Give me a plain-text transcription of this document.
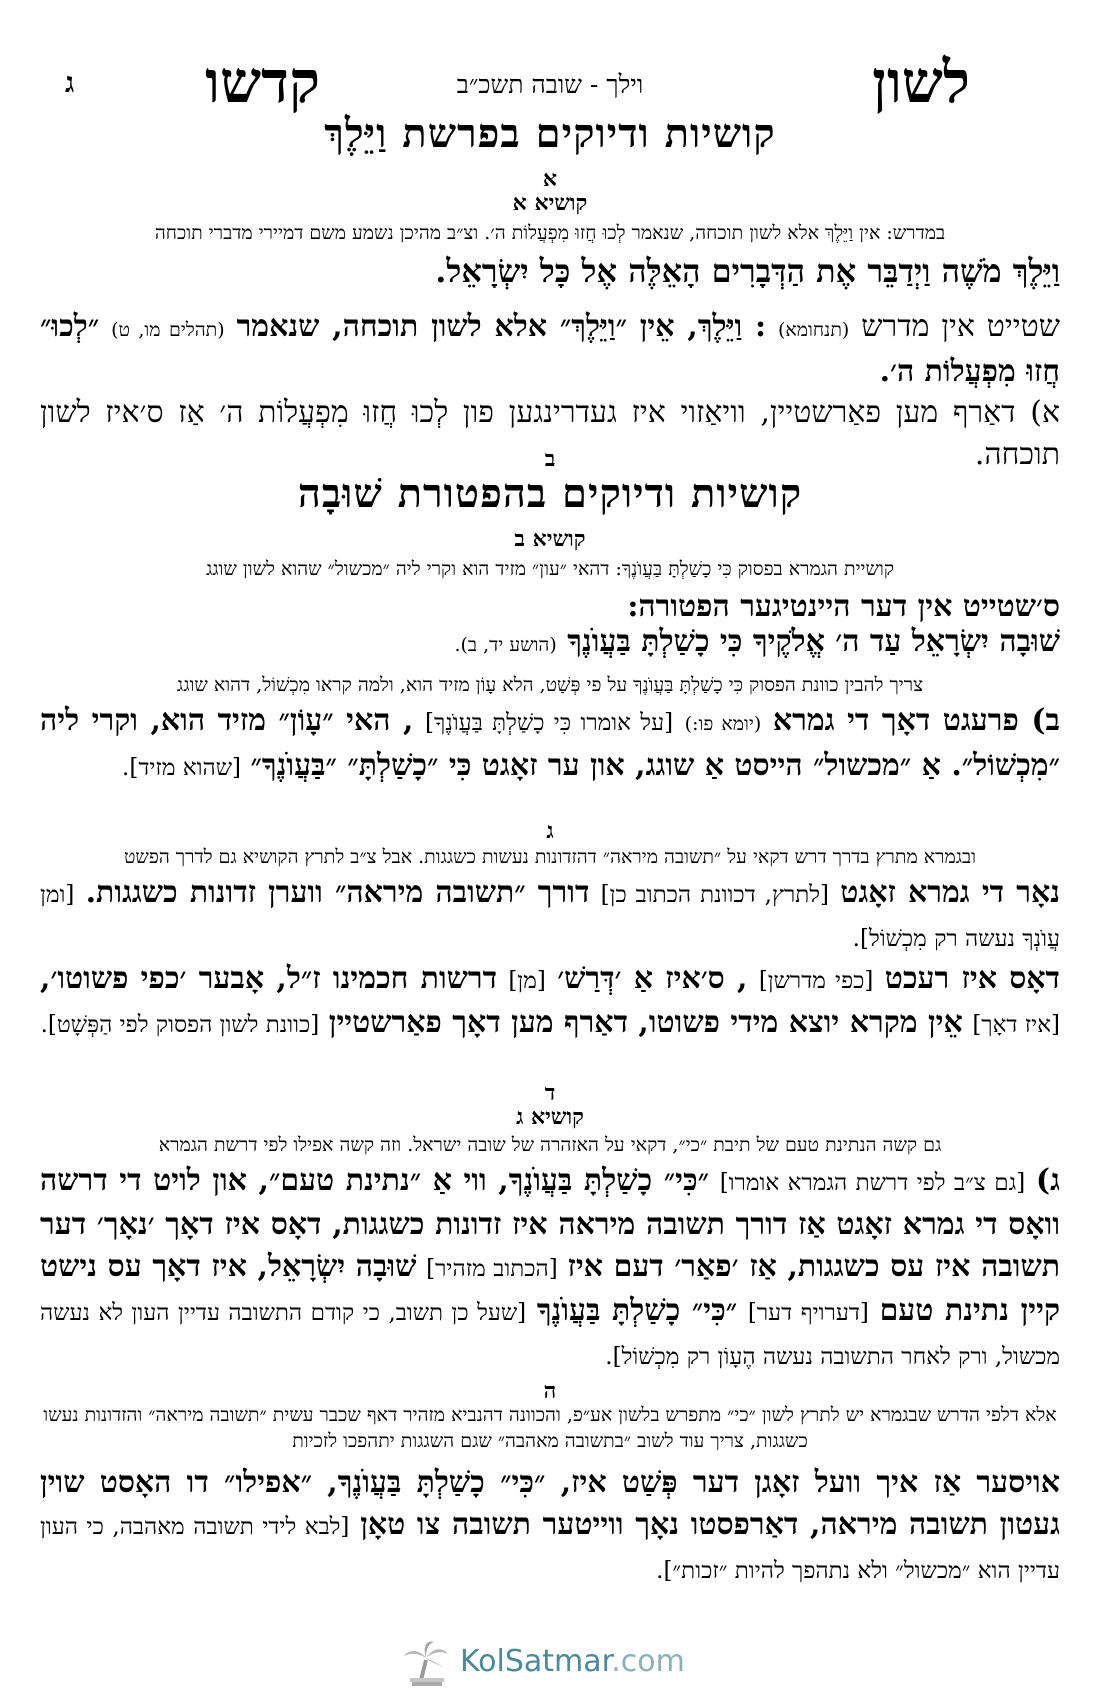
לשון
וילך - שובה תשכ״ב
קדשו
ג
קושיות ודיוקים בפרשת וַיֵּלֶךְ
א
קושיא א
במדרש: אין וַיֵּלֶךְ אלא לשון תוכחה, שנאמר לְכוּ חֲזוּ מִפְעֲלוֹת ה׳. וצ״ב מהיכן נשמע משם דמיירי מדברי תוכחה
וַיֵּלֶךְ מֹשֶׁה וַיְדַבֵּר אֶת הַדְּבָרִים הָאֵלֶּה אֶל כָּל יִשְׂרָאֵל.
שטייט אין מדרש (תנחומא) : וַיֵּלֶךְ, אֵין ״וַיֵּלֶךְ״ אלא לשון תוכחה, שנאמר (תהלים מו, ט) ״לְכוּ״ חֲזוּ מִפְעֲלוֹת ה׳.
א) דאַרף מען פאַרשטיין, וויאַזוי איז געדרינגען פון לְכוּ חֲזוּ מִפְעֲלוֹת ה׳ אַז ס׳איז לשון תוכחה.
ב
קושיות ודיוקים בהפטורת שׁוּבָה
קושיא ב
קושיית הגמרא בפסוק כִּי כָשַׁלְתָּ בַּעֲוֺנֶךָ: דהאי ״עון״ מזיד הוא וקרי ליה ״מכשול״ שהוא לשון שוגג
ס׳שטייט אין דער היינטיגער הפטורה:
שׁוּבָה יִשְׂרָאֵל עַד ה׳ אֱלֹקֶיךָ כִּי כָשַׁלְתָּ בַּעֲוֺנֶךָ (הושע יד, ב).
צריך להבין כוונת הפסוק כִּי כָשַׁלְתָּ בַּעֲוֺנֶךָ על פי פְּשַׁט, הלא עָוֹן מזיד הוא, ולמה קראו מִכְשׁוֹל, דהוא שוגג
ב) פרעגט דאָך די גמרא (יומא פו:) [על אומרו כִּי כָשַׁלְתָּ בַּעֲוֺנֶךָ] , האי ״עָוֹן״ מזיד הוא, וקרי ליה ״מִכְשׁוֹל״. אַ ״מכשול״ הייסט אַ שוגג, און ער זאָגט כִּי ״כָשַׁלְתָּ״ ״בַּעֲוֺנֶךָ״ [שהוא מזיד].
ג
ובגמרא מתרץ בדרך דרש דקאי על ״תשובה מיראה״ דהזדונות נעשות כשגגות. אבל צ״ב לתרץ הקושיא גם לדרך הפשט
נאָר די גמרא זאָגט [לתרץ, דכוונת הכתוב כן] דורך ״תשובה מיראה״ ווערן זדונות כשגגות. [ומן עֲוֺנְךָ נעשה רק מִכְשׁוֹל].
דאָס איז רעכט [כפי מדרשן] , ס׳איז אַ ׳דְּרַשׁ׳ [מן] דרשות חכמינו ז״ל, אָבער ׳כפי פשוטו׳, [איז דאָך] אֵין מקרא יוצא מידי פשוטו, דאַרף מען דאָך פאַרשטיין [כוונת לשון הפסוק לפי הַפְּשָׁט].
ד
קושיא ג
גם קשה הנתינת טעם של תיבת ״כי״, דקאי על האזהרה של שובה ישראל. וזה קשה אפילו לפי דרשת הגמרא
ג) [גם צ״ב לפי דרשת הגמרא אומרו] ״כִּי״ כָשַׁלְתָּ בַּעֲוֺנֶךָ, ווי אַ ״נתינת טעם״, און לויט די דרשה וואָס די גמרא זאָגט אַז דורך תשובה מיראה איז זדונות כשגגות, דאָס איז דאָך ׳נאָך׳ דער תשובה איז עס כשגגות, אַז ׳פאַר׳ דעם איז [הכתוב מזהיר] שׁוּבָה יִשְׂרָאֵל, איז דאָך עס נישט קיין נתינת טעם [דערויף דער] ״כִּי״ כָשַׁלְתָּ בַּעֲוֺנֶךָ [שעל כן תשוב, כי קודם התשובה עדיין העון לא נעשה מכשול, ורק לאחר התשובה נעשה הֶעָוֹן רק מִכְשׁוֹל].
ה
אלא דלפי הדרש שבגמרא יש לתרץ לשון ״כי״ מתפרש בלשון אע״פ, והכוונה דהנביא מזהיר דאף שכבר עשית ״תשובה מיראה״ והזדונות נעשו כשגגות, צריך עוד לשוב ״בתשובה מאהבה״ שגם השגגות יתהפכו לזכיות
אויסער אַז איך וועל זאָגן דער פְּשַׁט איז, ״כִּי״ כָשַׁלְתָּ בַּעֲוֺנֶךָ, ״אפילו״ דו האָסט שוין געטון תשובה מיראה, דאַרפסטו נאָך ווייטער תשובה צו טאָן [לבא לידי תשובה מאהבה, כי העון עדיין הוא ״מכשול״ ולא נתהפך להיות ״זכות״].
KolSatmar.com
